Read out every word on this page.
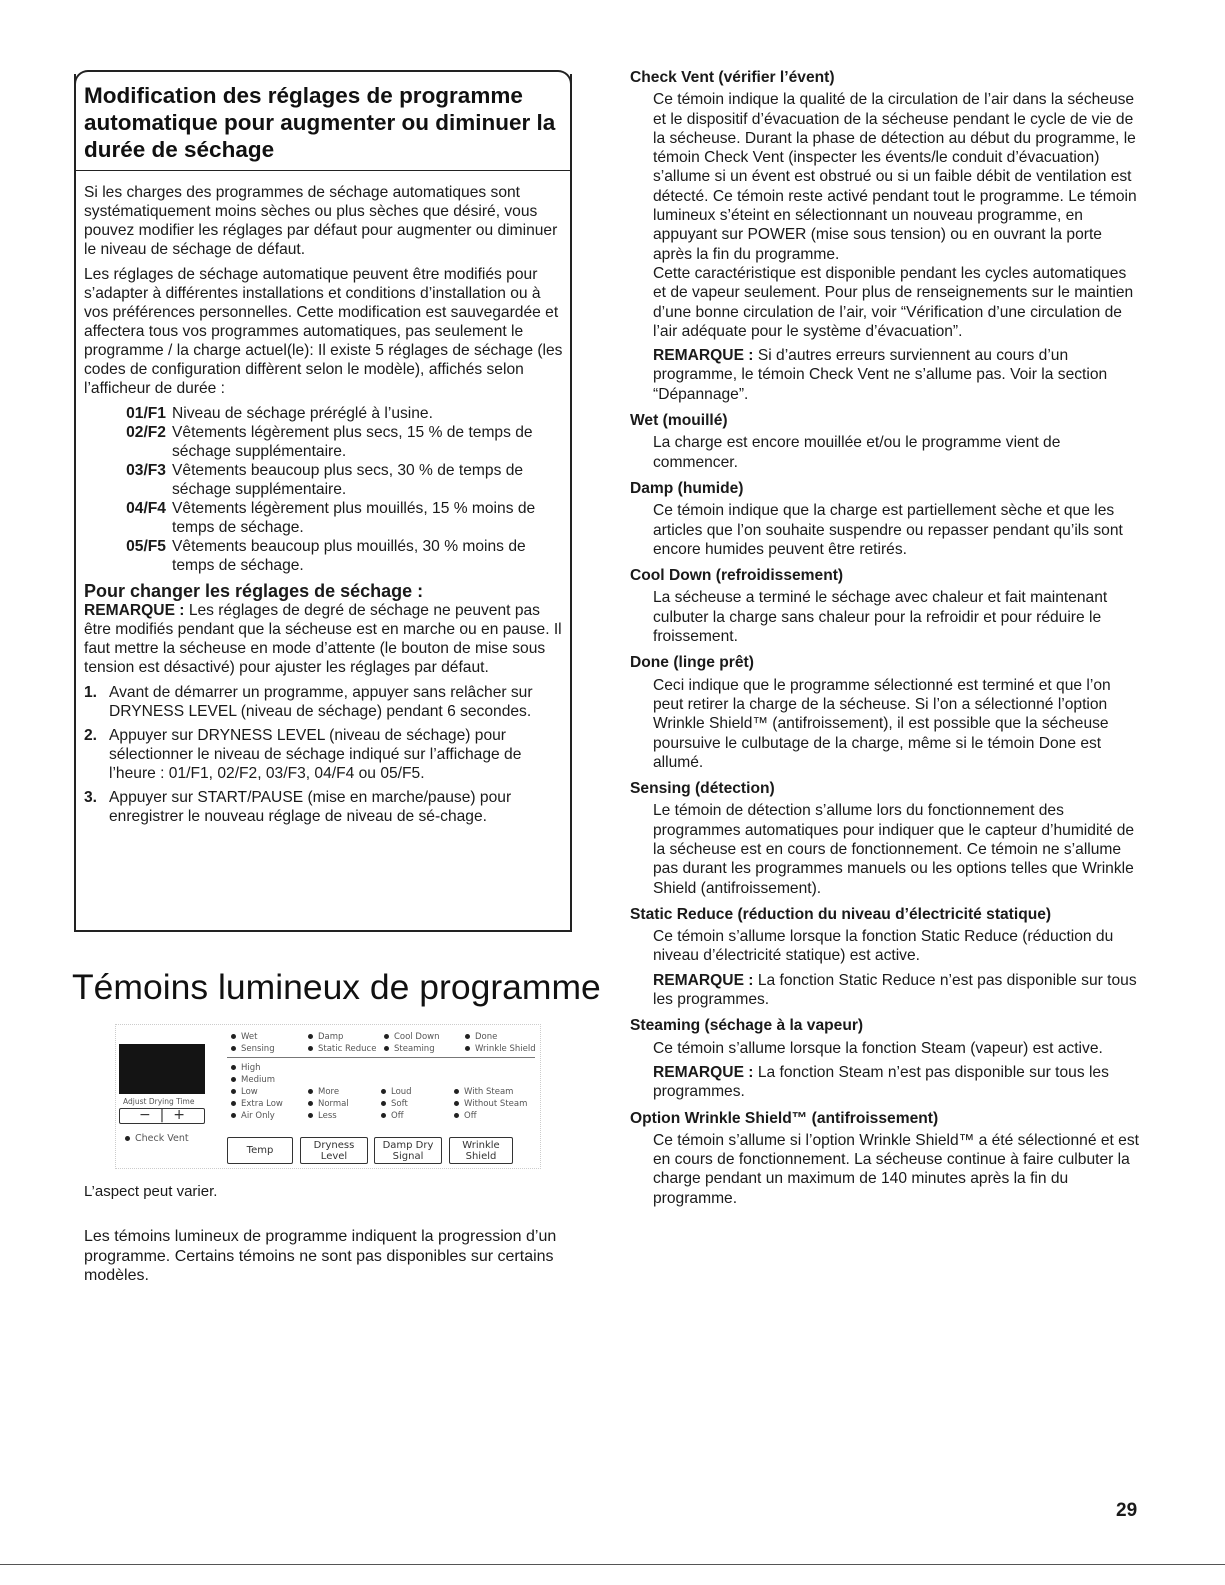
Modification des réglages de programme automatique pour augmenter ou diminuer la durée de séchage

Si les charges des programmes de séchage automatiques sont systématiquement moins sèches ou plus sèches que désiré, vous pouvez modifier les réglages par défaut pour augmenter ou diminuer le niveau de séchage de défaut.

Les réglages de séchage automatique peuvent être modifiés pour s’adapter à différentes installations et conditions d’installation ou à vos préférences personnelles. Cette modification est sauvegardée et affectera tous vos programmes automatiques, pas seulement le programme / la charge actuel(le): Il existe 5 réglages de séchage (les codes de configuration diffèrent selon le modèle), affichés selon l’afficheur de durée :

01/F1 Niveau de séchage préréglé à l’usine.
02/F2 Vêtements légèrement plus secs, 15 % de temps de séchage supplémentaire.
03/F3 Vêtements beaucoup plus secs, 30 % de temps de séchage supplémentaire.
04/F4 Vêtements légèrement plus mouillés, 15 % moins de temps de séchage.
05/F5 Vêtements beaucoup plus mouillés, 30 % moins de temps de séchage.
Pour changer les réglages de séchage :

REMARQUE : Les réglages de degré de séchage ne peuvent pas être modifiés pendant que la sécheuse est en marche ou en pause. Il faut mettre la sécheuse en mode d’attente (le bouton de mise sous tension est désactivé) pour ajuster les réglages par défaut.

1. Avant de démarrer un programme, appuyer sans relâcher sur DRYNESS LEVEL (niveau de séchage) pendant 6 secondes.
2. Appuyer sur DRYNESS LEVEL (niveau de séchage) pour sélectionner le niveau de séchage indiqué sur l’affichage de l’heure : 01/F1, 02/F2, 03/F3, 04/F4 ou 05/F5.
3. Appuyer sur START/PAUSE (mise en marche/pause) pour enregistrer le nouveau réglage de niveau de sé-chage.
Témoins lumineux de programme
Adjust Drying Time
−  |  +
Check Vent
Wet	Damp	Cool Down	Done
Sensing	Static Reduce	Steaming	Wrinkle Shield
High
Medium
Low
Extra Low
Air Only
More
Normal
Less
Loud
Soft
Off
With Steam
Without Steam
Off
Temp	Dryness Level
Damp Dry Signal
Wrinkle Shield
L’aspect peut varier.
Les témoins lumineux de programme indiquent la progression d’un programme. Certains témoins ne sont pas disponibles sur certains modèles.
Check Vent (vérifier l’évent)

Ce témoin indique la qualité de la circulation de l’air dans la sécheuse et le dispositif d’évacuation de la sécheuse pendant le cycle de vie de la sécheuse. Durant la phase de détection au début du programme, le témoin Check Vent (inspecter les évents/le conduit d’évacuation) s’allume si un évent est obstrué ou si un faible débit de ventilation est détecté. Ce témoin reste activé pendant tout le programme. Le témoin lumineux s’éteint en sélectionnant un nouveau programme, en appuyant sur POWER (mise sous tension) ou en ouvrant la porte après la fin du programme.

Cette caractéristique est disponible pendant les cycles automatiques et de vapeur seulement. Pour plus de renseignements sur le maintien d’une bonne circulation de l’air, voir “Vérification d’une circulation de l’air adéquate pour le système d’évacuation”.

REMARQUE : Si d’autres erreurs surviennent au cours d’un programme, le témoin Check Vent ne s’allume pas. Voir la section “Dépannage”.

Wet (mouillé)

La charge est encore mouillée et/ou le programme vient de commencer.

Damp (humide)

Ce témoin indique que la charge est partiellement sèche et que les articles que l’on souhaite suspendre ou repasser pendant qu’ils sont encore humides peuvent être retirés.

Cool Down (refroidissement)

La sécheuse a terminé le séchage avec chaleur et fait maintenant culbuter la charge sans chaleur pour la refroidir et pour réduire le froissement.

Done (linge prêt)

Ceci indique que le programme sélectionné est terminé et que l’on peut retirer la charge de la sécheuse. Si l’on a sélectionné l’option Wrinkle Shield™ (antifroissement), il est possible que la sécheuse poursuive le culbutage de la charge, même si le témoin Done est allumé.

Sensing (détection)

Le témoin de détection s’allume lors du fonctionnement des programmes automatiques pour indiquer que le capteur d’humidité de la sécheuse est en cours de fonctionnement. Ce témoin ne s’allume pas durant les programmes manuels ou les options telles que Wrinkle Shield (antifroissement).

Static Reduce (réduction du niveau d’électricité statique)

Ce témoin s’allume lorsque la fonction Static Reduce (réduction du niveau d’électricité statique) est active.

REMARQUE : La fonction Static Reduce n’est pas disponible sur tous les programmes.

Steaming (séchage à la vapeur)

Ce témoin s’allume lorsque la fonction Steam (vapeur) est active.

REMARQUE : La fonction Steam n’est pas disponible sur tous les programmes.

Option Wrinkle Shield™ (antifroissement)

Ce témoin s’allume si l’option Wrinkle Shield™ a été sélectionné et est en cours de fonctionnement. La sécheuse continue à faire culbuter la charge pendant un maximum de 140 minutes après la fin du programme.

29
